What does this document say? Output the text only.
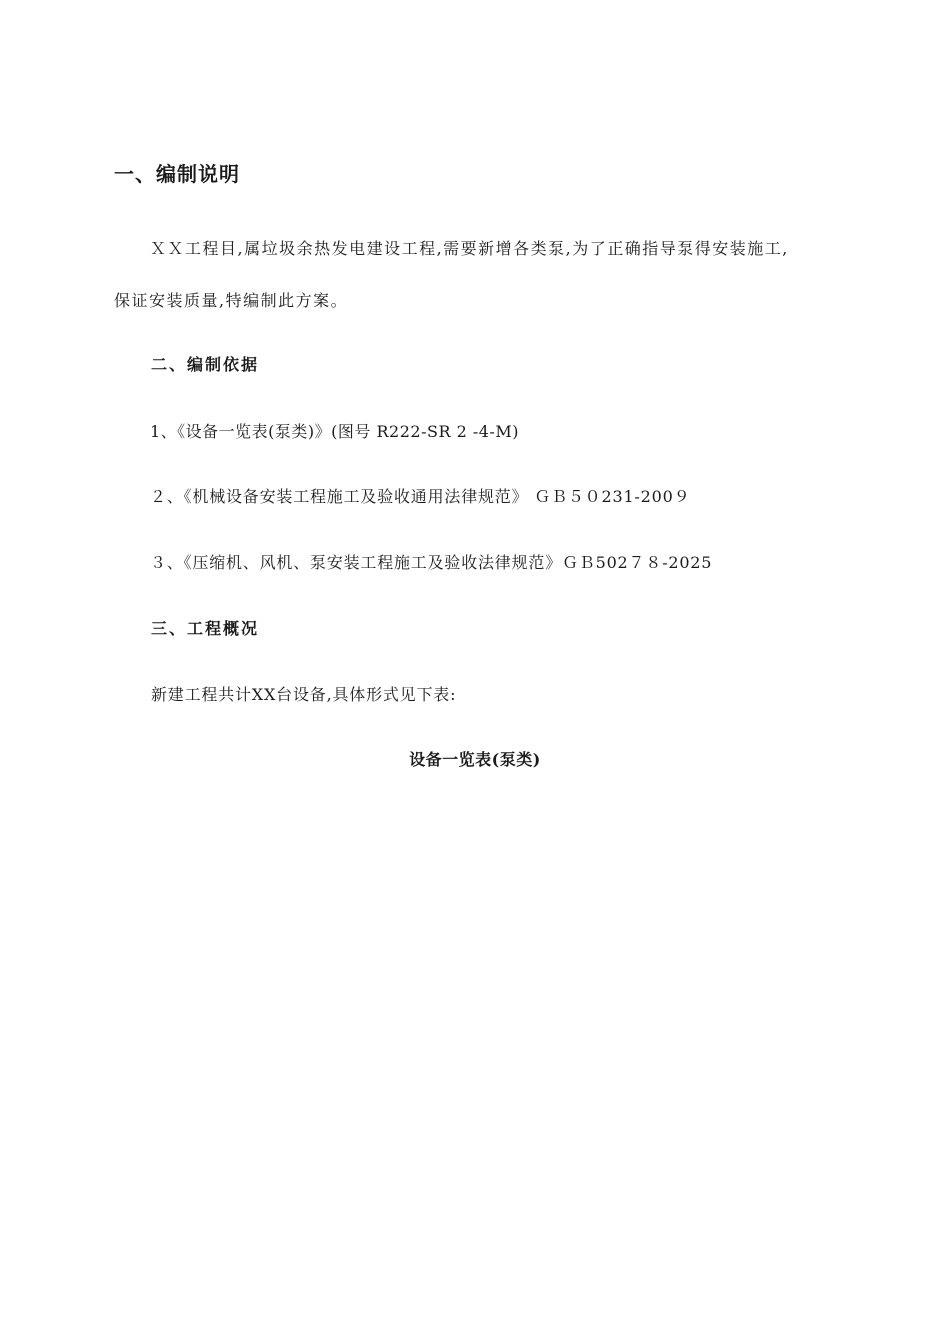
一、编制说明
ＸＸ工程目,属垃圾余热发电建设工程,需要新增各类泵,为了正确指导泵得安装施工,
保证安装质量,特编制此方案。
二、编制依据
1、《设备一览表(泵类)》(图号 R222-SR 2 -4-M)
２、《机械设备安装工程施工及验收通用法律规范》 ＧＢ５０231-200９
３、《压缩机、风机、泵安装工程施工及验收法律规范》ＧＢ502７８-2025
三、工程概况
新建工程共计XX台设备,具体形式见下表:
设备一览表(泵类)
